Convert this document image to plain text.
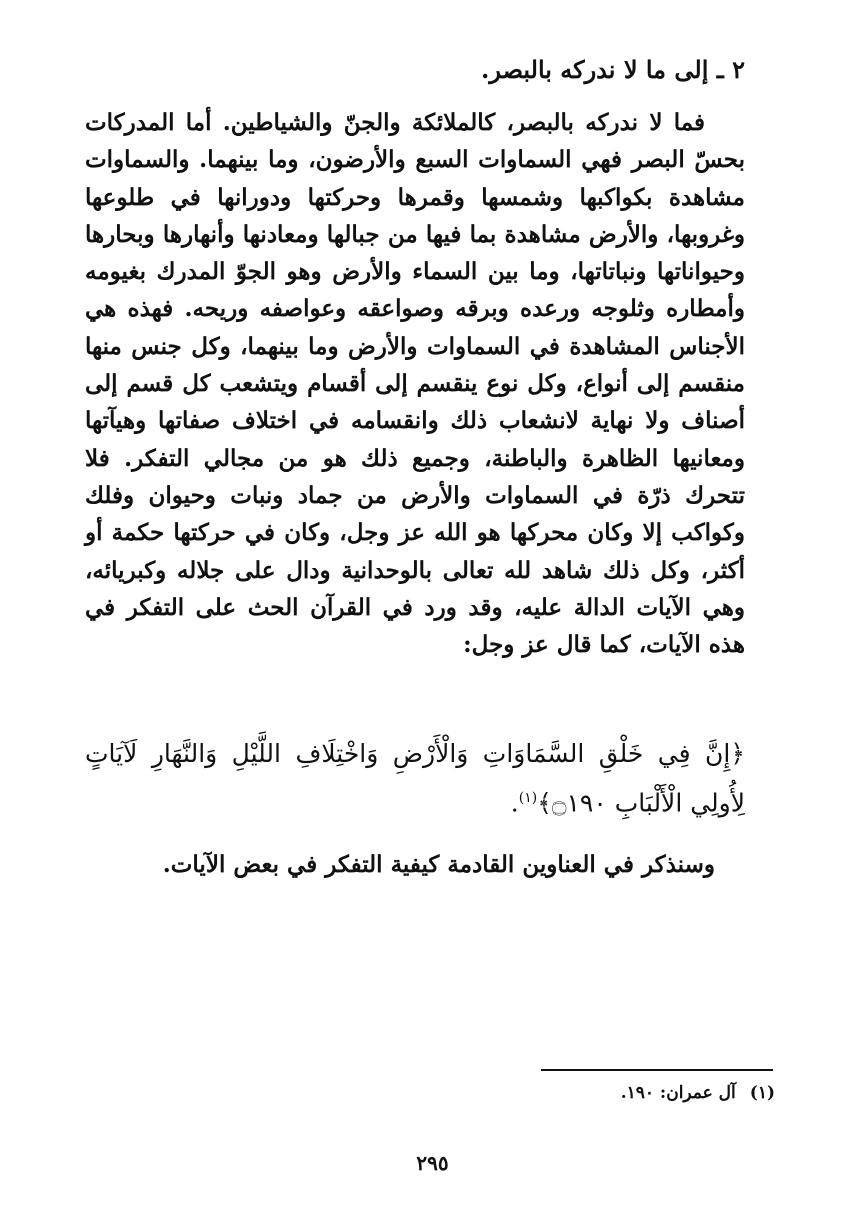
٢ ـ إلى ما لا ندركه بالبصر.

فما لا ندركه بالبصر، كالملائكة والجنّ والشياطين. أما المدركات بحسّ البصر فهي السماوات السبع والأرضون، وما بينهما. والسماوات مشاهدة بكواكبها وشمسها وقمرها وحركتها ودورانها في طلوعها وغروبها، والأرض مشاهدة بما فيها من جبالها ومعادنها وأنهارها وبحارها وحيواناتها ونباتاتها، وما بين السماء والأرض وهو الجوّ المدرك بغيومه وأمطاره وثلوجه ورعده وبرقه وصواعقه وعواصفه وريحه. فهذه هي الأجناس المشاهدة في السماوات والأرض وما بينهما، وكل جنس منها منقسم إلى أنواع، وكل نوع ينقسم إلى أقسام ويتشعب كل قسم إلى أصناف ولا نهاية لانشعاب ذلك وانقسامه في اختلاف صفاتها وهيآتها ومعانيها الظاهرة والباطنة، وجميع ذلك هو من مجالي التفكر. فلا تتحرك ذرّة في السماوات والأرض من جماد ونبات وحيوان وفلك وكواكب إلا وكان محركها هو الله عز وجل، وكان في حركتها حكمة أو أكثر، وكل ذلك شاهد لله تعالى بالوحدانية ودال على جلاله وكبريائه، وهي الآيات الدالة عليه، وقد ورد في القرآن الحث على التفكر في هذه الآيات، كما قال عز وجل:

﴿إِنَّ فِي خَلْقِ السَّمَاوَاتِ وَالْأَرْضِ وَاخْتِلَافِ اللَّيْلِ وَالنَّهَارِ لَآيَاتٍ لِأُولِي الْأَلْبَابِ ۝١٩٠﴾$^{(١)}$.
وسنذكر في العناوين القادمة كيفية التفكر في بعض الآيات.
(١)آل عمران: ١٩٠.
٢٩٥
